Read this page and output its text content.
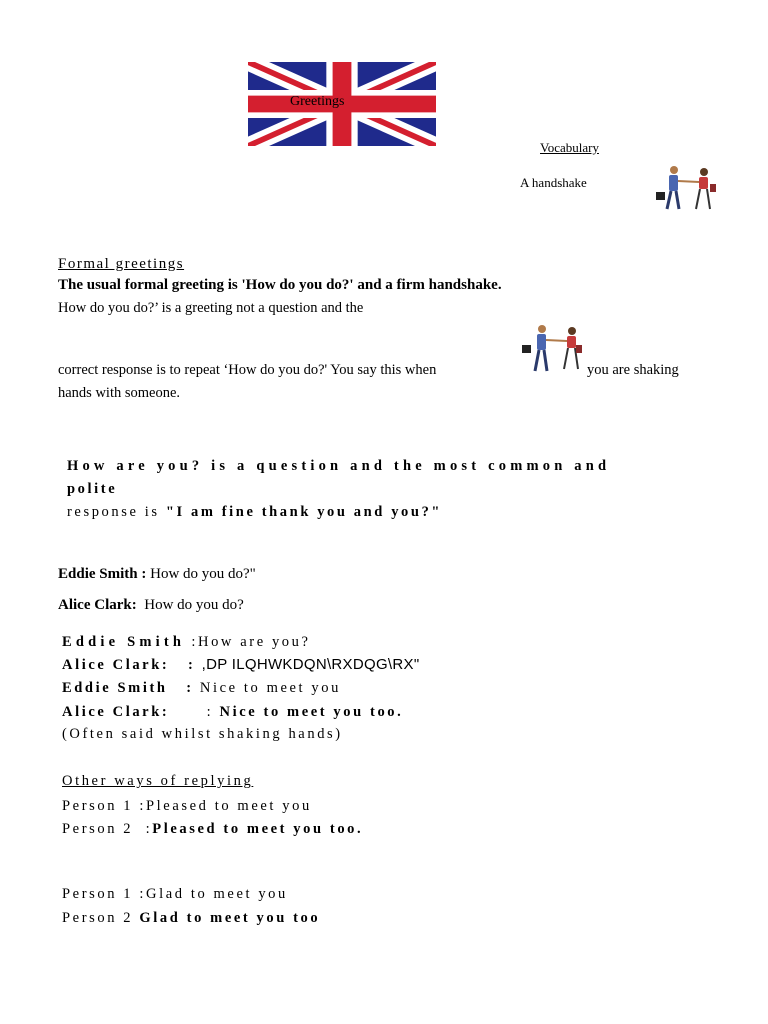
Greetings
Vocabulary
A handshake
Formal greetings
The usual formal greeting is 'How do you do?' and a firm handshake.
How do you do?’ is a greeting not a question and the
correct response is to repeat ‘How do you do?' You say this when	you are shaking
hands with someone.
How are you? is a question and the most common and
polite
response is "I am fine thank you and you?"
Eddie Smith : How do you do?"
Alice Clark: How do you do?
Eddie Smith :How are you?
Alice Clark:   : ,DP ILQHWKDQN\RXDQG\RX"
Eddie Smith   : Nice to meet you
Alice Clark:      : Nice to meet you too.
(Often said whilst shaking hands)
Other ways of replying
Person 1 :Pleased to meet you
Person 2  :Pleased to meet you too.
Person 1 :Glad to meet you
Person 2 Glad to meet you too
